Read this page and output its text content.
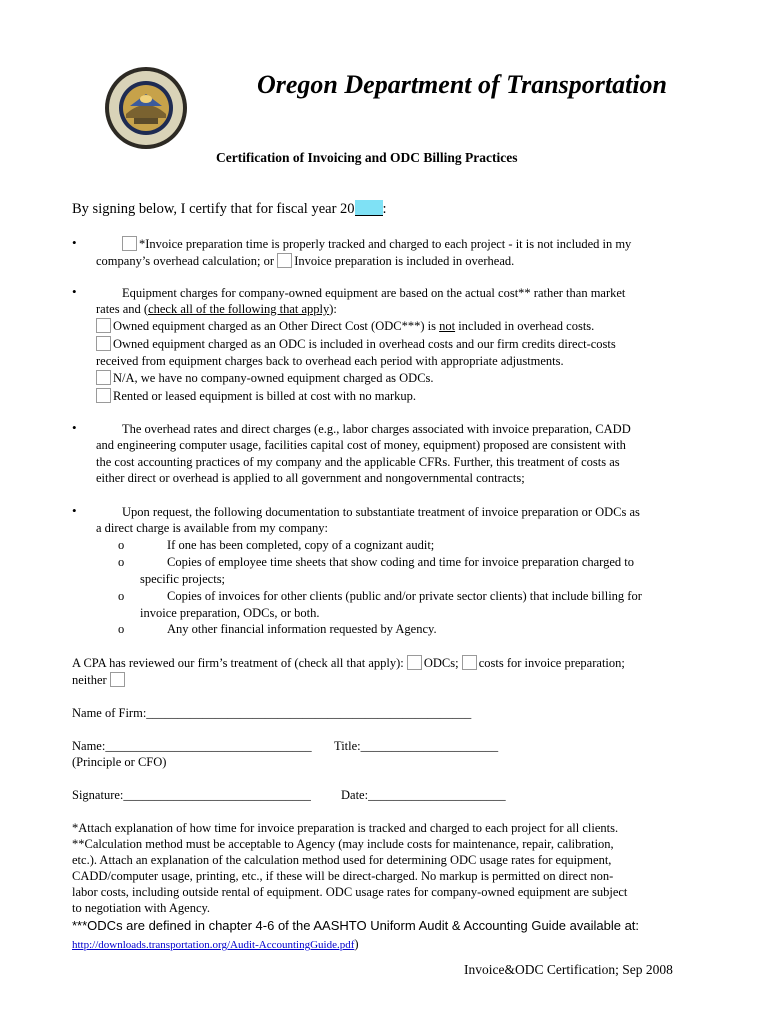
Oregon Department of Transportation
Certification of Invoicing and ODC Billing Practices
By signing below, I certify that for fiscal year 20 :
•	*Invoice preparation time is properly tracked and charged to each project - it is not included in my
company’s overhead calculation; or Invoice preparation is included in overhead.
•	Equipment charges for company-owned equipment are based on the actual cost** rather than market
rates and (check all of the following that apply):
Owned equipment charged as an Other Direct Cost (ODC***) is not included in overhead costs.
Owned equipment charged as an ODC is included in overhead costs and our firm credits direct-costs
received from equipment charges back to overhead each period with appropriate adjustments.
N/A, we have no company-owned equipment charged as ODCs.
Rented or leased equipment is billed at cost with no markup.
•	The overhead rates and direct charges (e.g., labor charges associated with invoice preparation, CADD
and engineering computer usage, facilities capital cost of money, equipment) proposed are consistent with
the cost accounting practices of my company and the applicable CFRs. Further, this treatment of costs as
either direct or overhead is applied to all government and nongovernmental contracts;
•	Upon request, the following documentation to substantiate treatment of invoice preparation or ODCs as
a direct charge is available from my company:
o	If one has been completed, copy of a cognizant audit;
o	Copies of employee time sheets that show coding and time for invoice preparation charged to
specific projects;
o	Copies of invoices for other clients (public and/or private sector clients) that include billing for
invoice preparation, ODCs, or both.
o	Any other financial information requested by Agency.
A CPA has reviewed our firm’s treatment of (check all that apply): ODCs; costs for invoice preparation;
neither
Name of Firm:____________________________________________________
Name:_________________________________ Title:______________________
(Principle or CFO)
Signature:______________________________ Date:______________________
*Attach explanation of how time for invoice preparation is tracked and charged to each project for all clients.
**Calculation method must be acceptable to Agency (may include costs for maintenance, repair, calibration,
etc.). Attach an explanation of the calculation method used for determining ODC usage rates for equipment,
CADD/computer usage, printing, etc., if these will be direct-charged. No markup is permitted on direct non-
labor costs, including outside rental of equipment. ODC usage rates for company-owned equipment are subject
to negotiation with Agency.
***ODCs are defined in chapter 4-6 of the AASHTO Uniform Audit & Accounting Guide available at:
http://downloads.transportation.org/Audit-AccountingGuide.pdf)
Invoice&ODC Certification; Sep 2008
